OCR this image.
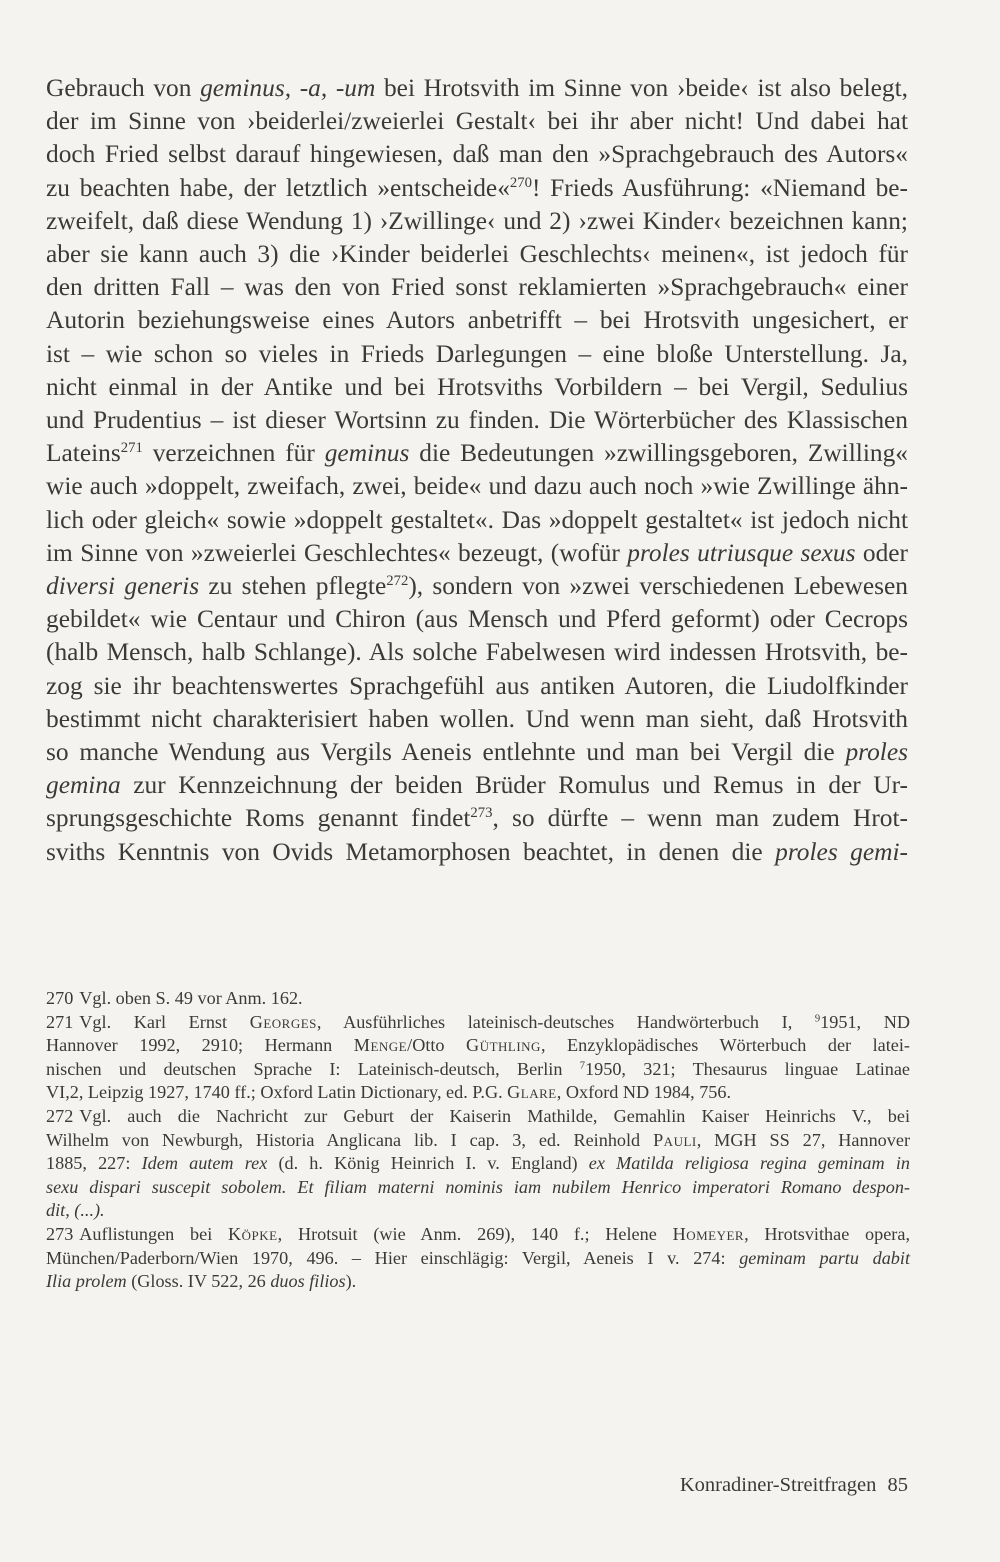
Gebrauch von geminus, -a, -um bei Hrotsvith im Sinne von ›beide‹ ist also belegt,
der im Sinne von ›beiderlei/zweierlei Gestalt‹ bei ihr aber nicht! Und dabei hat
doch Fried selbst darauf hingewiesen, daß man den »Sprachgebrauch des Autors«
zu beachten habe, der letztlich »entscheide«$^{270}$! Frieds Ausführung: «Niemand be-
zweifelt, daß diese Wendung 1) ›Zwillinge‹ und 2) ›zwei Kinder‹ bezeichnen kann;
aber sie kann auch 3) die ›Kinder beiderlei Geschlechts‹ meinen«, ist jedoch für
den dritten Fall – was den von Fried sonst reklamierten »Sprachgebrauch« einer
Autorin beziehungsweise eines Autors anbetrifft – bei Hrotsvith ungesichert, er
ist – wie schon so vieles in Frieds Darlegungen – eine bloße Unterstellung. Ja,
nicht einmal in der Antike und bei Hrotsviths Vorbildern – bei Vergil, Sedulius
und Prudentius – ist dieser Wortsinn zu finden. Die Wörterbücher des Klassischen
Lateins$^{271}$ verzeichnen für geminus die Bedeutungen »zwillingsgeboren, Zwilling«
wie auch »doppelt, zweifach, zwei, beide« und dazu auch noch »wie Zwillinge ähn-
lich oder gleich« sowie »doppelt gestaltet«. Das »doppelt gestaltet« ist jedoch nicht
im Sinne von »zweierlei Geschlechtes« bezeugt, (wofür proles utriusque sexus oder
diversi generis zu stehen pflegte$^{272}$), sondern von »zwei verschiedenen Lebewesen
gebildet« wie Centaur und Chiron (aus Mensch und Pferd geformt) oder Cecrops
(halb Mensch, halb Schlange). Als solche Fabelwesen wird indessen Hrotsvith, be-
zog sie ihr beachtenswertes Sprachgefühl aus antiken Autoren, die Liudolfkinder
bestimmt nicht charakterisiert haben wollen. Und wenn man sieht, daß Hrotsvith
so manche Wendung aus Vergils Aeneis entlehnte und man bei Vergil die proles
gemina zur Kennzeichnung der beiden Brüder Romulus und Remus in der Ur-
sprungsgeschichte Roms genannt findet$^{273}$, so dürfte – wenn man zudem Hrot-
sviths Kenntnis von Ovids Metamorphosen beachtet, in denen die proles gemi-
270 Vgl. oben S. 49 vor Anm. 162.
271 Vgl. Karl Ernst Georges, Ausführliches lateinisch-deutsches Handwörterbuch I, $^9$1951, ND
Hannover 1992, 2910; Hermann Menge/Otto Güthling, Enzyklopädisches Wörterbuch der latei-
nischen und deutschen Sprache I: Lateinisch-deutsch, Berlin $^7$1950, 321; Thesaurus linguae Latinae
VI,2, Leipzig 1927, 1740 ff.; Oxford Latin Dictionary, ed. P.G. Glare, Oxford ND 1984, 756.
272 Vgl. auch die Nachricht zur Geburt der Kaiserin Mathilde, Gemahlin Kaiser Heinrichs V., bei
Wilhelm von Newburgh, Historia Anglicana lib. I cap. 3, ed. Reinhold Pauli, MGH SS 27, Hannover
1885, 227: Idem autem rex (d. h. König Heinrich I. v. England) ex Matilda religiosa regina geminam in
sexu dispari suscepit sobolem. Et filiam materni nominis iam nubilem Henrico imperatori Romano despon-
dit, (...).
273 Auflistungen bei Köpke, Hrotsuit (wie Anm. 269), 140 f.; Helene Homeyer, Hrotsvithae opera,
München/Paderborn/Wien 1970, 496. – Hier einschlägig: Vergil, Aeneis I v. 274: geminam partu dabit
Ilia prolem (Gloss. IV 522, 26 duos filios).
Konradiner-Streitfragen 85
